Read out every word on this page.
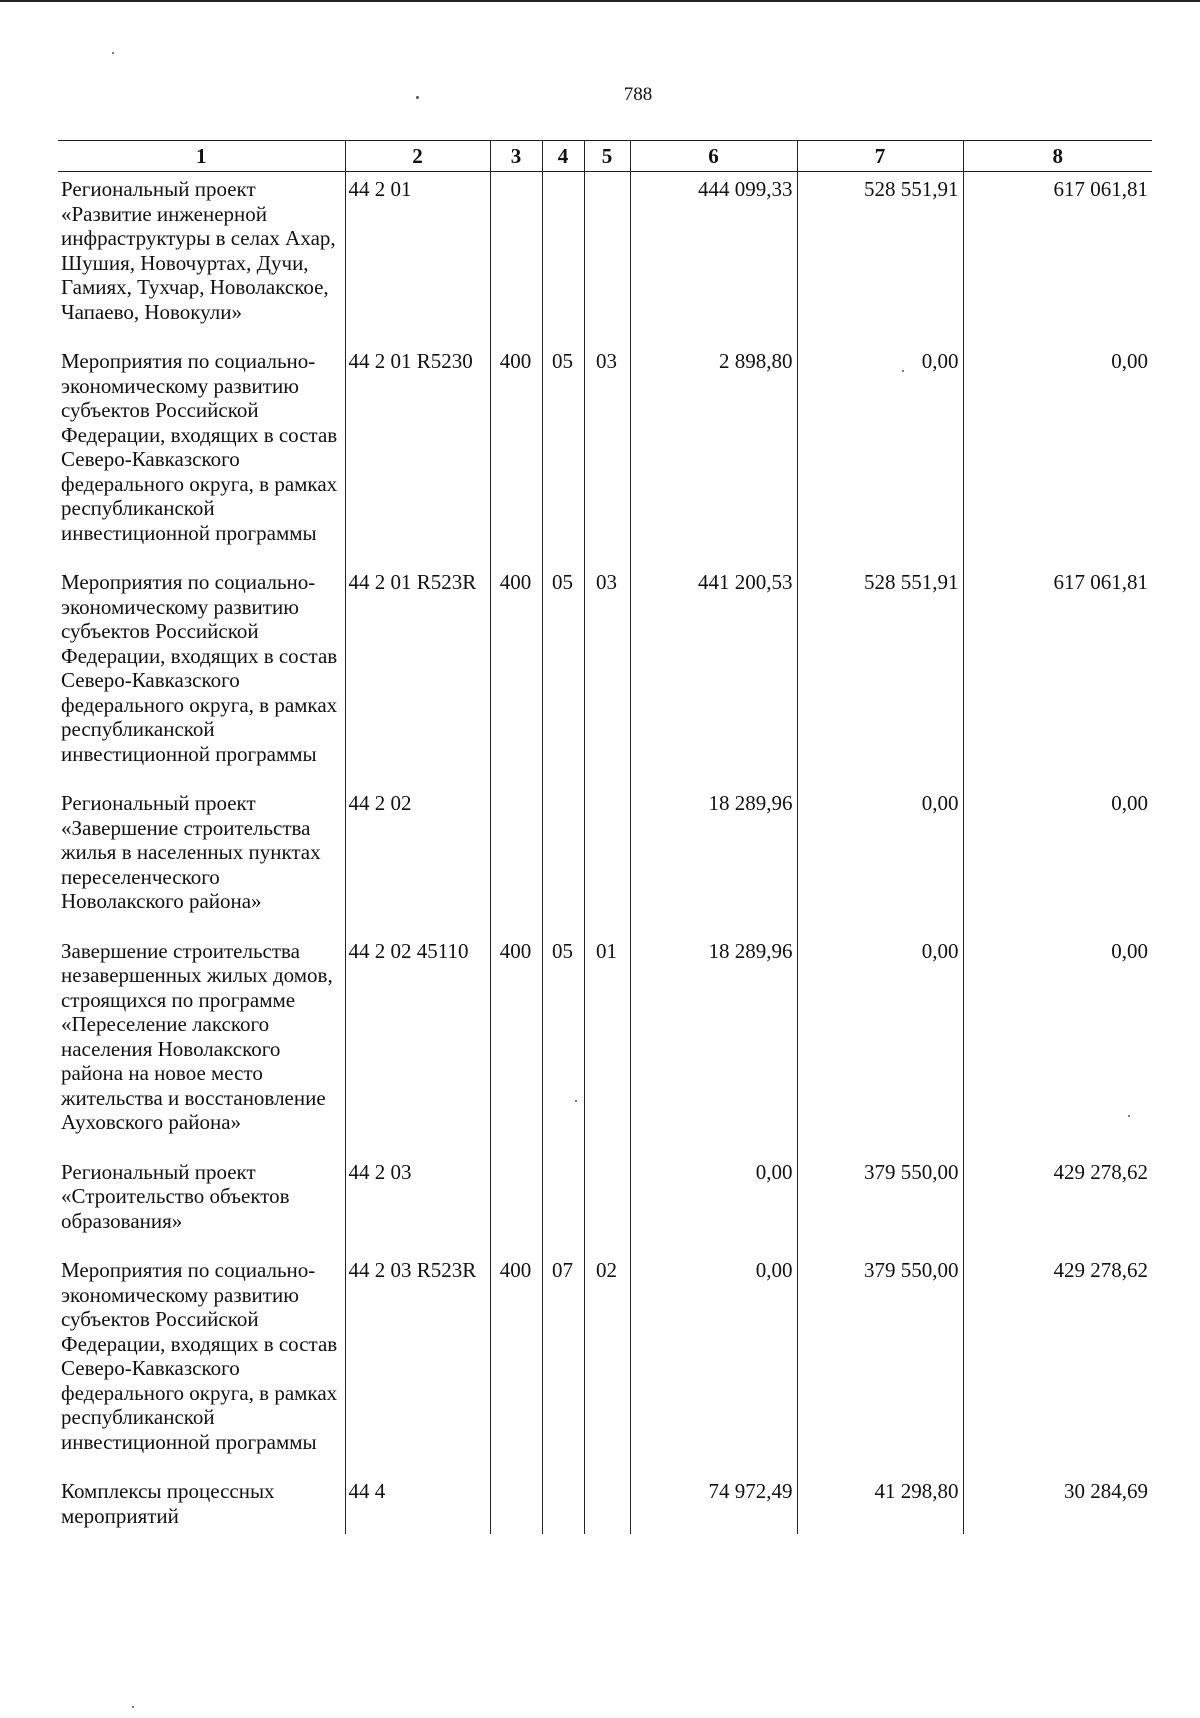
788
1	2	3	4	5	6	7	8
Региональный проект «Развитие инженерной инфраструктуры в селах Ахар, Шушия, Новочуртах, Дучи, Гамиях, Тухчар, Новолакское, Чапаево, Новокули»	44 2 01				444 099,33	528 551,91	617 061,81
Мероприятия по социально-экономическому развитию субъектов Российской Федерации, входящих в состав Северо-Кавказского федерального округа, в рамках республиканской инвестиционной программы	44 2 01 R5230	400	05	03	2 898,80	0,00	0,00
Мероприятия по социально-экономическому развитию субъектов Российской Федерации, входящих в состав Северо-Кавказского федерального округа, в рамках республиканской инвестиционной программы	44 2 01 R523R	400	05	03	441 200,53	528 551,91	617 061,81
Региональный проект «Завершение строительства жилья в населенных пунктах переселенческого Новолакского района»	44 2 02				18 289,96	0,00	0,00
Завершение строительства незавершенных жилых домов, строящихся по программе «Переселение лакского населения Новолакского района на новое место жительства и восстановление Ауховского района»	44 2 02 45110	400	05	01	18 289,96	0,00	0,00
Региональный проект «Строительство объектов образования»	44 2 03				0,00	379 550,00	429 278,62
Мероприятия по социально-экономическому развитию субъектов Российской Федерации, входящих в состав Северо-Кавказского федерального округа, в рамках республиканской инвестиционной программы	44 2 03 R523R	400	07	02	0,00	379 550,00	429 278,62
Комплексы процессных мероприятий	44 4				74 972,49	41 298,80	30 284,69
